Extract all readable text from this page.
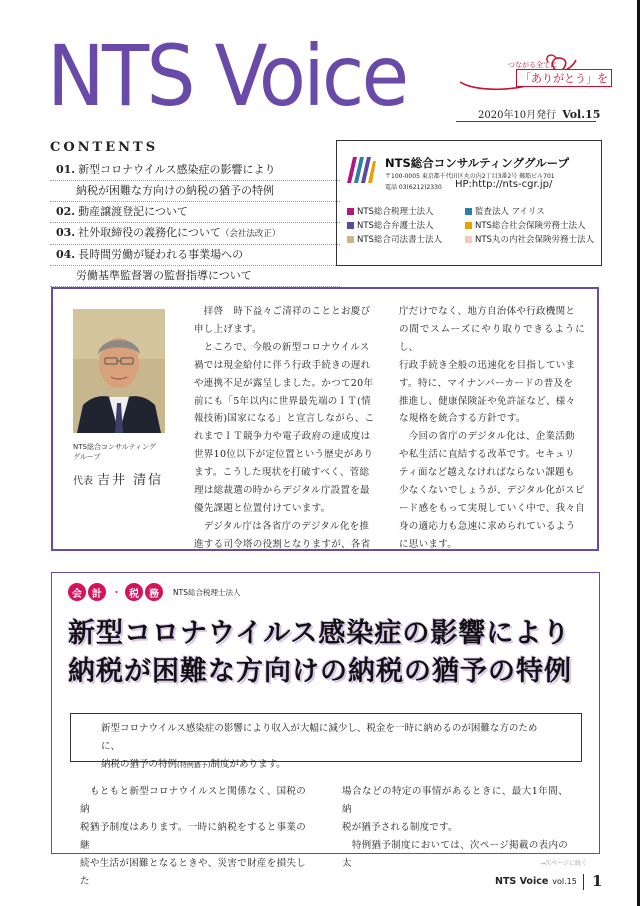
NTS Voice	つながる全てに
「ありがとう」を
2020年10月発行 Vol.15
CONTENTS
01. 新型コロナウイルス感染症の影響により
納税が困難な方向けの納税の猶予の特例
02. 動産譲渡登記について
03. 社外取締役の義務化について（会社法改正）
04. 長時間労働が疑われる事業場への
労働基準監督署の監督指導について
NTS総合コンサルティンググループ
〒100-0005 東京都千代田区丸の内2丁目3番2号 郵船ビル701
電話 03(6212)2330 HP:http://nts-cgr.jp/
NTS総合税理士法人	監査法人 アイリス
NTS総合弁護士法人	NTS総合社会保険労務士法人
NTS総合司法書士法人	NTS丸の内社会保険労務士法人
NTS総合コンサルティング
グループ
代表 吉井 清信
　拝啓　時下益々ご清祥のこととお慶び
申し上げます。
　ところで、今般の新型コロナウイルス
禍では現金給付に伴う行政手続きの遅れ
や連携不足が露呈しました。かつて20年
前にも「5年以内に世界最先端のＩＴ(情
報技術)国家になる」と宣言しながら、こ
れまでＩＴ競争力や電子政府の達成度は
世界10位以下が定位置という歴史があり
ます。こうした現状を打破すべく、菅総
理は総裁選の時からデジタル庁設置を最
優先課題と位置付けています。
　デジタル庁は各省庁のデジタル化を推
進する司令塔の役割となりますが、各省
庁だけでなく、地方自治体や行政機関と
の間でスムーズにやり取りできるようにし、
行政手続き全般の迅速化を目指していま
す。特に、マイナンバーカードの普及を
推進し、健康保険証や免許証など、様々
な規格を統合する方針です。
　今回の省庁のデジタル化は、企業活動
や私生活に直結する改革です。セキュリ
ティ面など越えなければならない課題も
少なくないでしょうが、デジタル化がスピ
ード感をもって実現していく中で、我々自
身の適応力も急速に求められているよう
に思います。
会	計 ・ 税	務	NTS総合税理士法人
新型コロナウイルス感染症の影響により
納税が困難な方向けの納税の猶予の特例
新型コロナウイルス感染症の影響により収入が大幅に減少し、税金を一時に納めるのが困難な方のために、
納税の猶予の特例(特例猶予)制度があります。
　もともと新型コロナウイルスと関係なく、国税の納
税猶予制度はあります。一時に納税をすると事業の継
続や生活が困難となるときや、災害で財産を損失した
場合などの特定の事情があるときに、最大1年間、納
税が猶予される制度です。
　特例猶予制度においては、次ページ掲載の表内の太	→次ページに続く
NTS Voice vol.15 1
